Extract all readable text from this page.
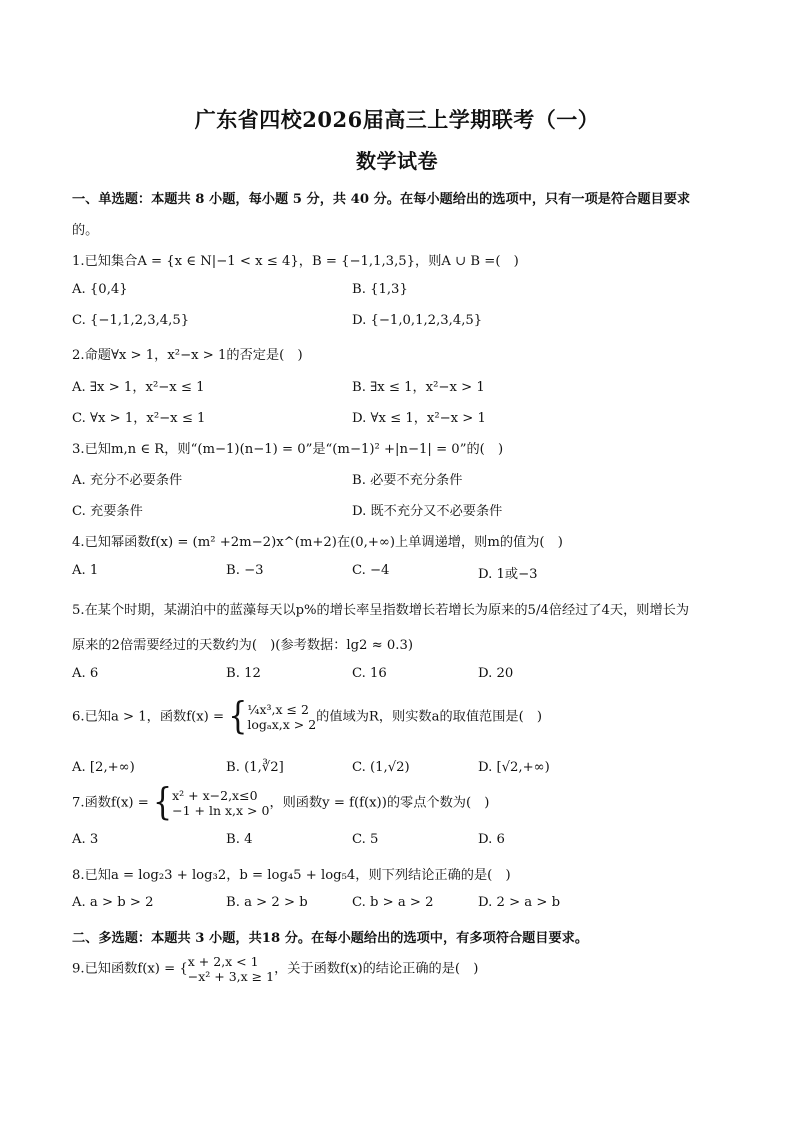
广东省四校2026届高三上学期联考（一）
数学试卷
一、单选题：本题共 8 小题，每小题 5 分，共 40 分。在每小题给出的选项中，只有一项是符合题目要求
的。
1.已知集合A = {x ∈ N|−1 < x ≤ 4}，B = {−1,1,3,5}，则A ∪ B =(　)
A. {0,4}	B. {1,3}
C. {−1,1,2,3,4,5}	D. {−1,0,1,2,3,4,5}
2.命题∀x > 1，x²−x > 1的否定是(　)
A. ∃x > 1，x²−x ≤ 1	B. ∃x ≤ 1，x²−x > 1
C. ∀x > 1，x²−x ≤ 1	D. ∀x ≤ 1，x²−x > 1
3.已知m,n ∈ R，则“(m−1)(n−1) = 0”是“(m−1)² +|n−1| = 0”的(　)
A. 充分不必要条件	B. 必要不充分条件
C. 充要条件	D. 既不充分又不必要条件
4.已知幂函数f(x) = (m² +2m−2)x^(m+2)在(0,+∞)上单调递增，则m的值为(　)
A. 1	B. −3	C. −4	D. 1或−3
5.在某个时期，某湖泊中的蓝藻每天以p%的增长率呈指数增长若增长为原来的5/4倍经过了4天，则增长为
原来的2倍需要经过的天数约为(　)(参考数据：lg2 ≈ 0.3)
A. 6	B. 12	C. 16	D. 20
6.已知a > 1，函数f(x) = {¼x³,x ≤ 2
logₐx,x > 2的值域为R，则实数a的取值范围是(　)
A. [2,+∞)	B. (1,∛2]	C. (1,√2)	D. [√2,+∞)
7.函数f(x) = {x² + x−2,x≤0
−1 + ln x,x > 0，则函数y = f(f(x))的零点个数为(　)
A. 3	B. 4	C. 5	D. 6
8.已知a = log₂3 + log₃2，b = log₄5 + log₅4，则下列结论正确的是(　)
A. a > b > 2	B. a > 2 > b	C. b > a > 2	D. 2 > a > b
二、多选题：本题共 3 小题，共18 分。在每小题给出的选项中，有多项符合题目要求。
9.已知函数f(x) = {x + 2,x < 1
−x² + 3,x ≥ 1，关于函数f(x)的结论正确的是(　)
